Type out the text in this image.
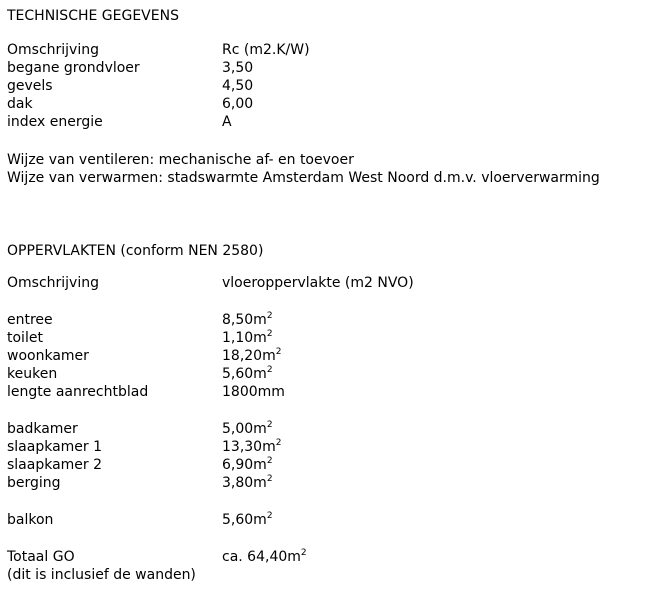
TECHNISCHE GEGEVENS
Omschrijving	Rc (m2.K/W)
begane grondvloer	3,50
gevels	4,50
dak	6,00
index energie	A
Wijze van ventileren: mechanische af- en toevoer
Wijze van verwarmen: stadswarmte Amsterdam West Noord d.m.v. vloerverwarming
OPPERVLAKTEN (conform NEN 2580)
Omschrijving	vloeroppervlakte (m2 NVO)
entree	$8,50m^2$
toilet	$1,10m^2$
woonkamer	$18,20m^2$
keuken	$5,60m^2$
lengte aanrechtblad	1800mm
badkamer	$5,00m^2$
slaapkamer 1	$13,30m^2$
slaapkamer 2	$6,90m^2$
berging	$3,80m^2$
balkon	$5,60m^2$
Totaal GO	ca. $64,40m^2$
(dit is inclusief de wanden)
